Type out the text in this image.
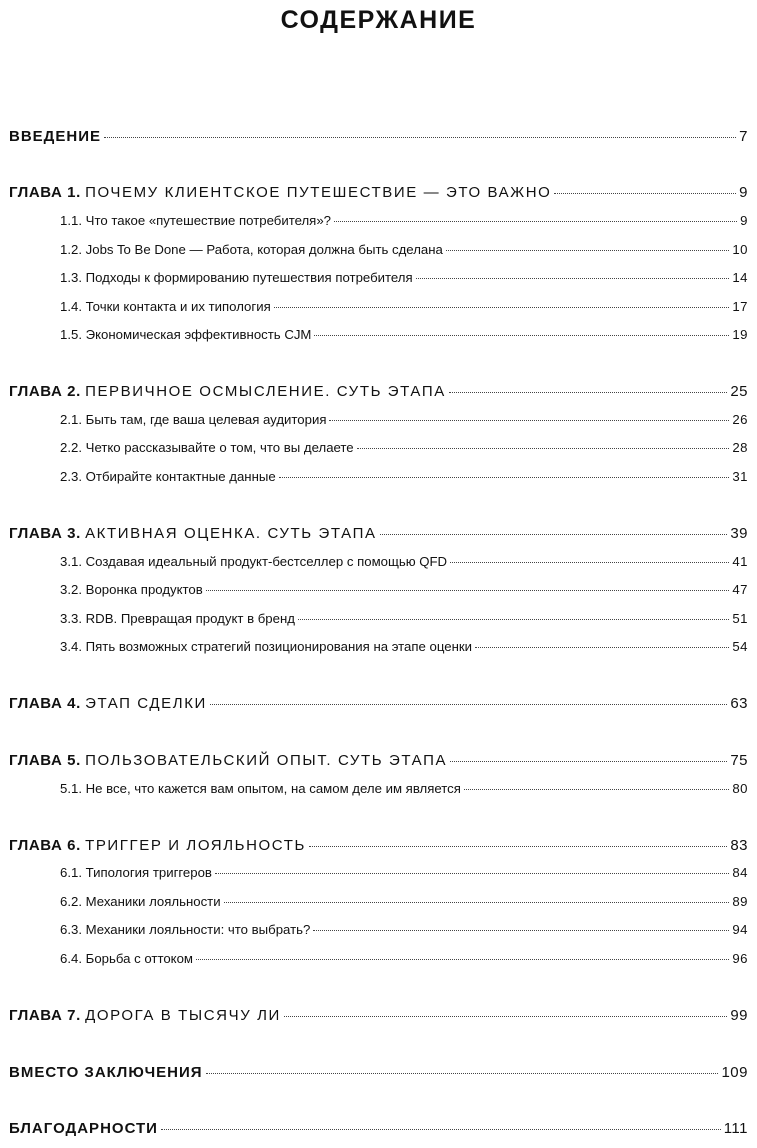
СОДЕРЖАНИЕ
ВВЕДЕНИЕ	7
ГЛАВА 1. ПОЧЕМУ КЛИЕНТСКОЕ ПУТЕШЕСТВИЕ — ЭТО ВАЖНО	9
1.1. Что такое «путешествие потребителя»?	9
1.2. Jobs To Be Done — Работа, которая должна быть сделана	10
1.3. Подходы к формированию путешествия потребителя	14
1.4. Точки контакта и их типология	17
1.5. Экономическая эффективность CJM	19
ГЛАВА 2. ПЕРВИЧНОЕ ОСМЫСЛЕНИЕ. СУТЬ ЭТАПА	25
2.1. Быть там, где ваша целевая аудитория	26
2.2. Четко рассказывайте о том, что вы делаете	28
2.3. Отбирайте контактные данные	31
ГЛАВА 3. АКТИВНАЯ ОЦЕНКА. СУТЬ ЭТАПА	39
3.1. Создавая идеальный продукт-бестселлер с помощью QFD	41
3.2. Воронка продуктов	47
3.3. RDB. Превращая продукт в бренд	51
3.4. Пять возможных стратегий позиционирования на этапе оценки	54
ГЛАВА 4. ЭТАП СДЕЛКИ	63
ГЛАВА 5. ПОЛЬЗОВАТЕЛЬСКИЙ ОПЫТ. СУТЬ ЭТАПА	75
5.1. Не все, что кажется вам опытом, на самом деле им является	80
ГЛАВА 6. ТРИГГЕР И ЛОЯЛЬНОСТЬ	83
6.1. Типология триггеров	84
6.2. Механики лояльности	89
6.3. Механики лояльности: что выбрать?	94
6.4. Борьба с оттоком	96
ГЛАВА 7. ДОРОГА В ТЫСЯЧУ ЛИ	99
ВМЕСТО ЗАКЛЮЧЕНИЯ	109
БЛАГОДАРНОСТИ	111
